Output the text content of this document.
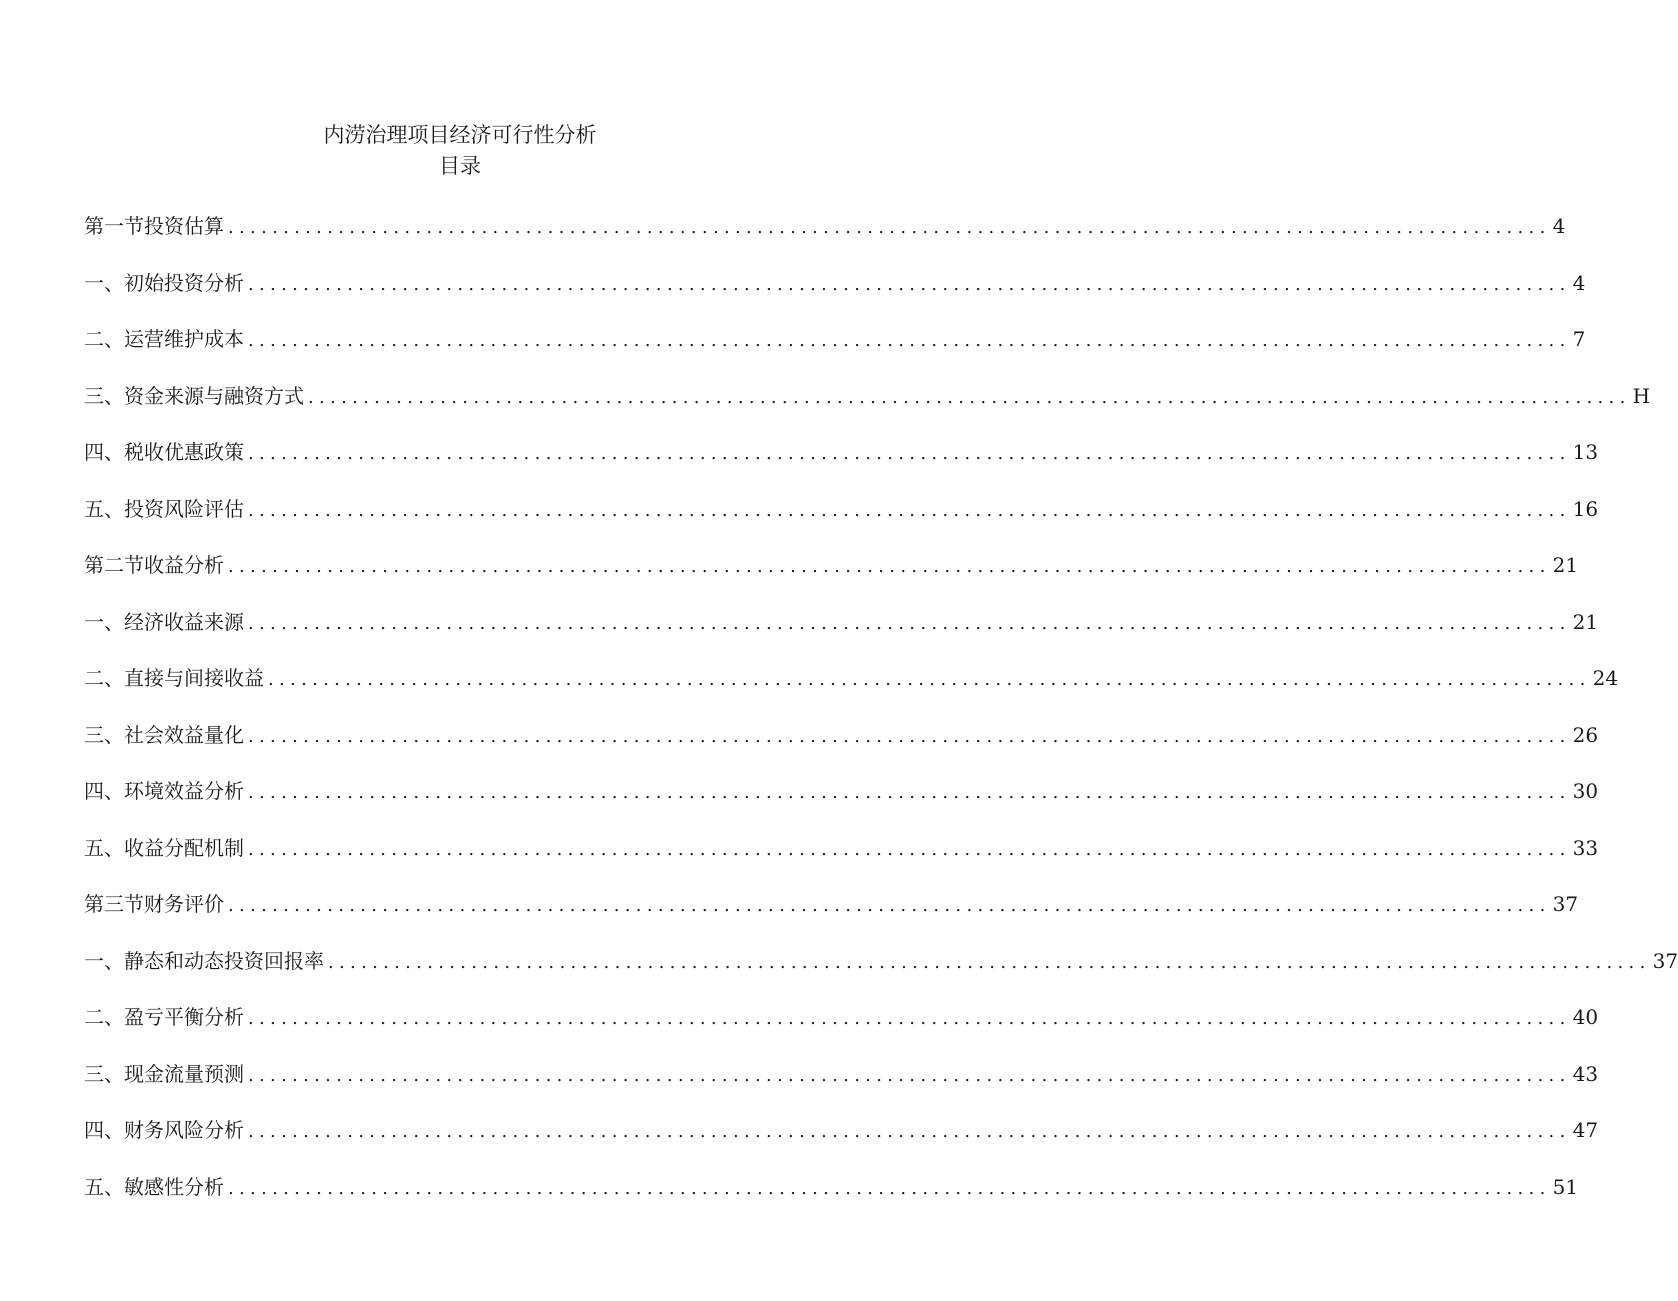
内涝治理项目经济可行性分析
目录
第一节投资估算 ........................................................................................................................ 4
一、初始投资分析 ........................................................................................................................ 4
二、运营维护成本 ........................................................................................................................ 7
三、资金来源与融资方式 ........................................................................................................................ H
四、税收优惠政策 ........................................................................................................................ 13
五、投资风险评估 ........................................................................................................................ 16
第二节收益分析 ........................................................................................................................ 21
一、经济收益来源 ........................................................................................................................ 21
二、直接与间接收益 ........................................................................................................................ 24
三、社会效益量化 ........................................................................................................................ 26
四、环境效益分析 ........................................................................................................................ 30
五、收益分配机制 ........................................................................................................................ 33
第三节财务评价 ........................................................................................................................ 37
一、静态和动态投资回报率 ........................................................................................................................ 37
二、盈亏平衡分析 ........................................................................................................................ 40
三、现金流量预测 ........................................................................................................................ 43
四、财务风险分析 ........................................................................................................................ 47
五、敏感性分析 ........................................................................................................................ 51
